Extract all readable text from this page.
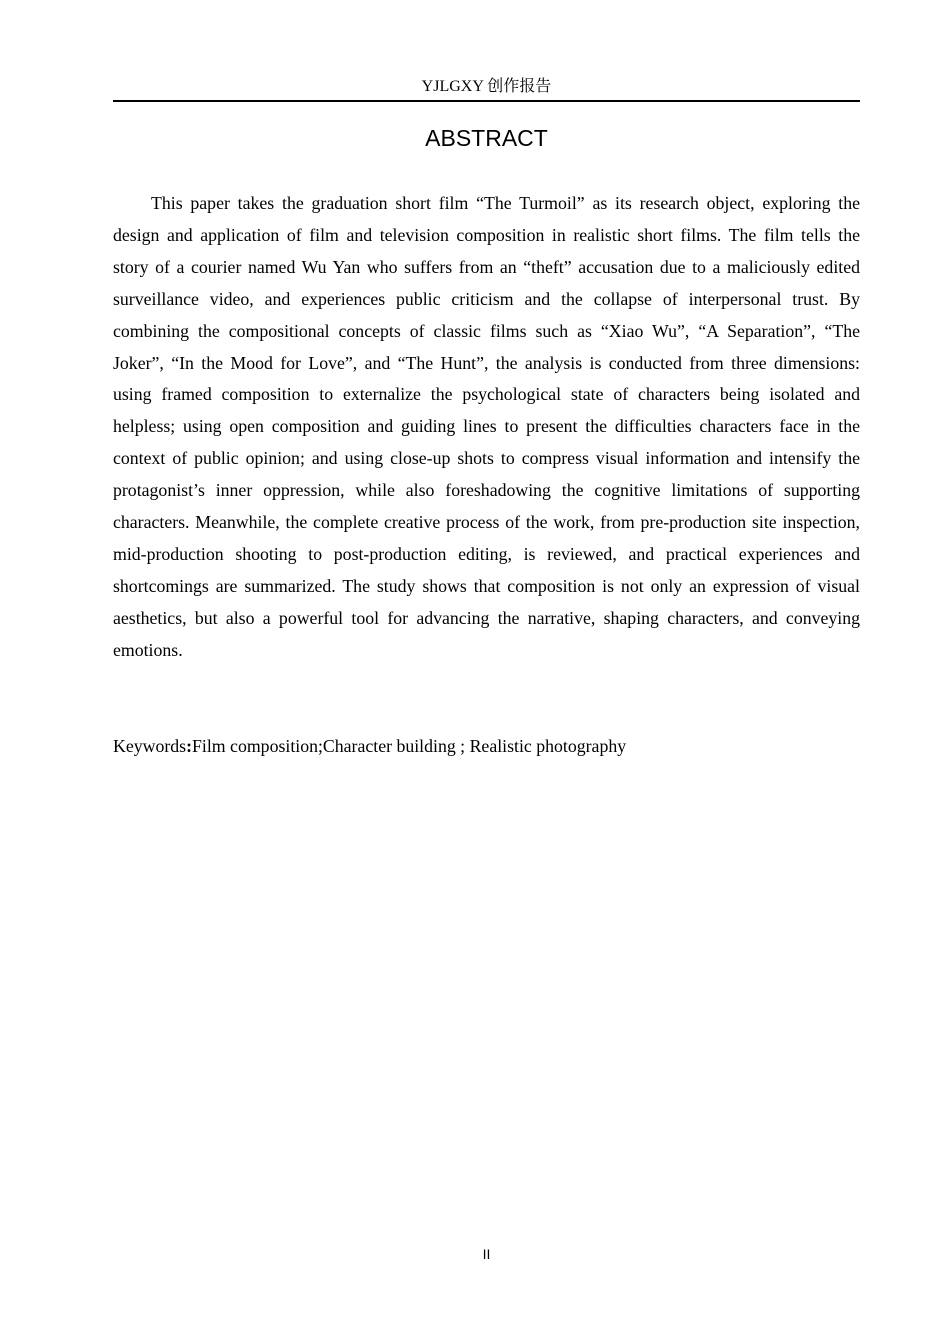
YJLGXY 创作报告
ABSTRACT

This paper takes the graduation short film “The Turmoil” as its research object, exploring the design and application of film and television composition in realistic short films. The film tells the story of a courier named Wu Yan who suffers from an “theft” accusation due to a maliciously edited surveillance video, and experiences public criticism and the collapse of interpersonal trust. By combining the compositional concepts of classic films such as “Xiao Wu”, “A Separation”, “The Joker”, “In the Mood for Love”, and “The Hunt”, the analysis is conducted from three dimensions: using framed composition to externalize the psychological state of characters being isolated and helpless; using open composition and guiding lines to present the difficulties characters face in the context of public opinion; and using close-up shots to compress visual information and intensify the protagonist’s inner oppression, while also foreshadowing the cognitive limitations of supporting characters. Meanwhile, the complete creative process of the work, from pre-production site inspection, mid-production shooting to post-production editing, is reviewed, and practical experiences and shortcomings are summarized. The study shows that composition is not only an expression of visual aesthetics, but also a powerful tool for advancing the narrative, shaping characters, and conveying emotions.

Keywords:Film composition;Character building ; Realistic photography

II
